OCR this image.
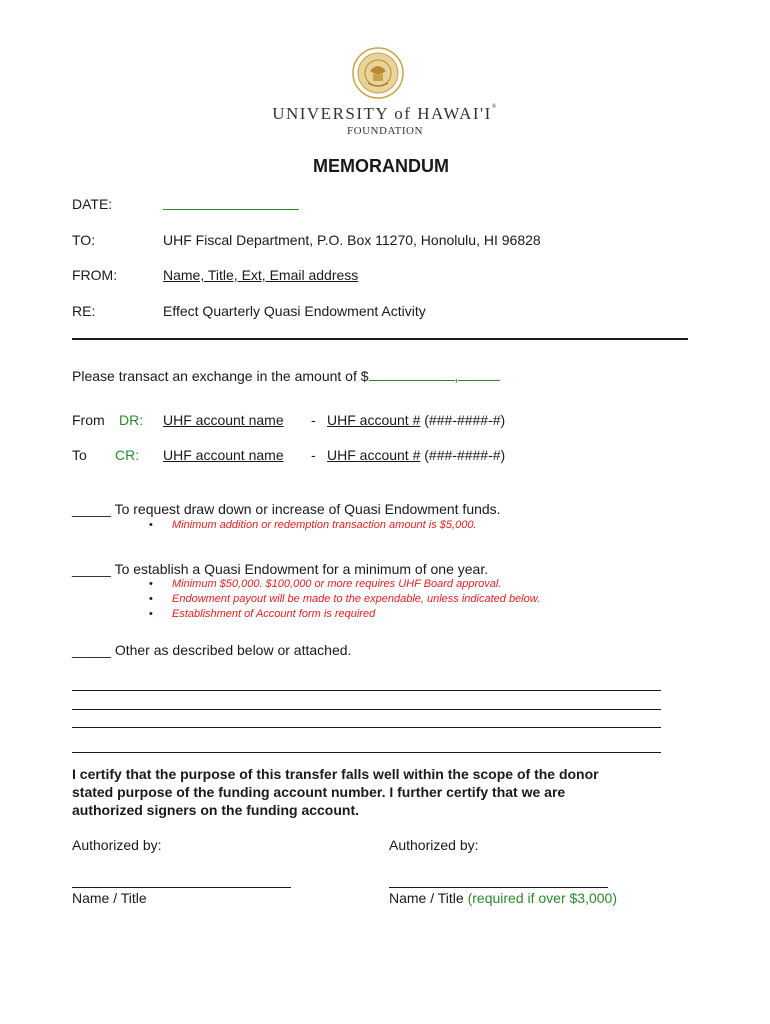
UNIVERSITY of HAWAI'I®
FOUNDATION
MEMORANDUM
DATE:
TO:	UHF Fiscal Department, P.O. Box 11270, Honolulu, HI 96828
FROM:	Name, Title, Ext, Email address
RE:	Effect Quarterly Quasi Endowment Activity
Please transact an exchange in the amount of $	,
From DR: UHF account name - UHF account # (###-####-#)
To CR: UHF account name - UHF account # (###-####-#)
_____ To request draw down or increase of Quasi Endowment funds.
• Minimum addition or redemption transaction amount is $5,000.
_____ To establish a Quasi Endowment for a minimum of one year.
• Minimum $50,000. $100,000 or more requires UHF Board approval.
• Endowment payout will be made to the expendable, unless indicated below.
• Establishment of Account form is required
_____ Other as described below or attached.
I certify that the purpose of this transfer falls well within the scope of the donor
stated purpose of the funding account number. I further certify that we are
authorized signers on the funding account.
Authorized by:	Authorized by:
Name / Title	Name / Title (required if over $3,000)
